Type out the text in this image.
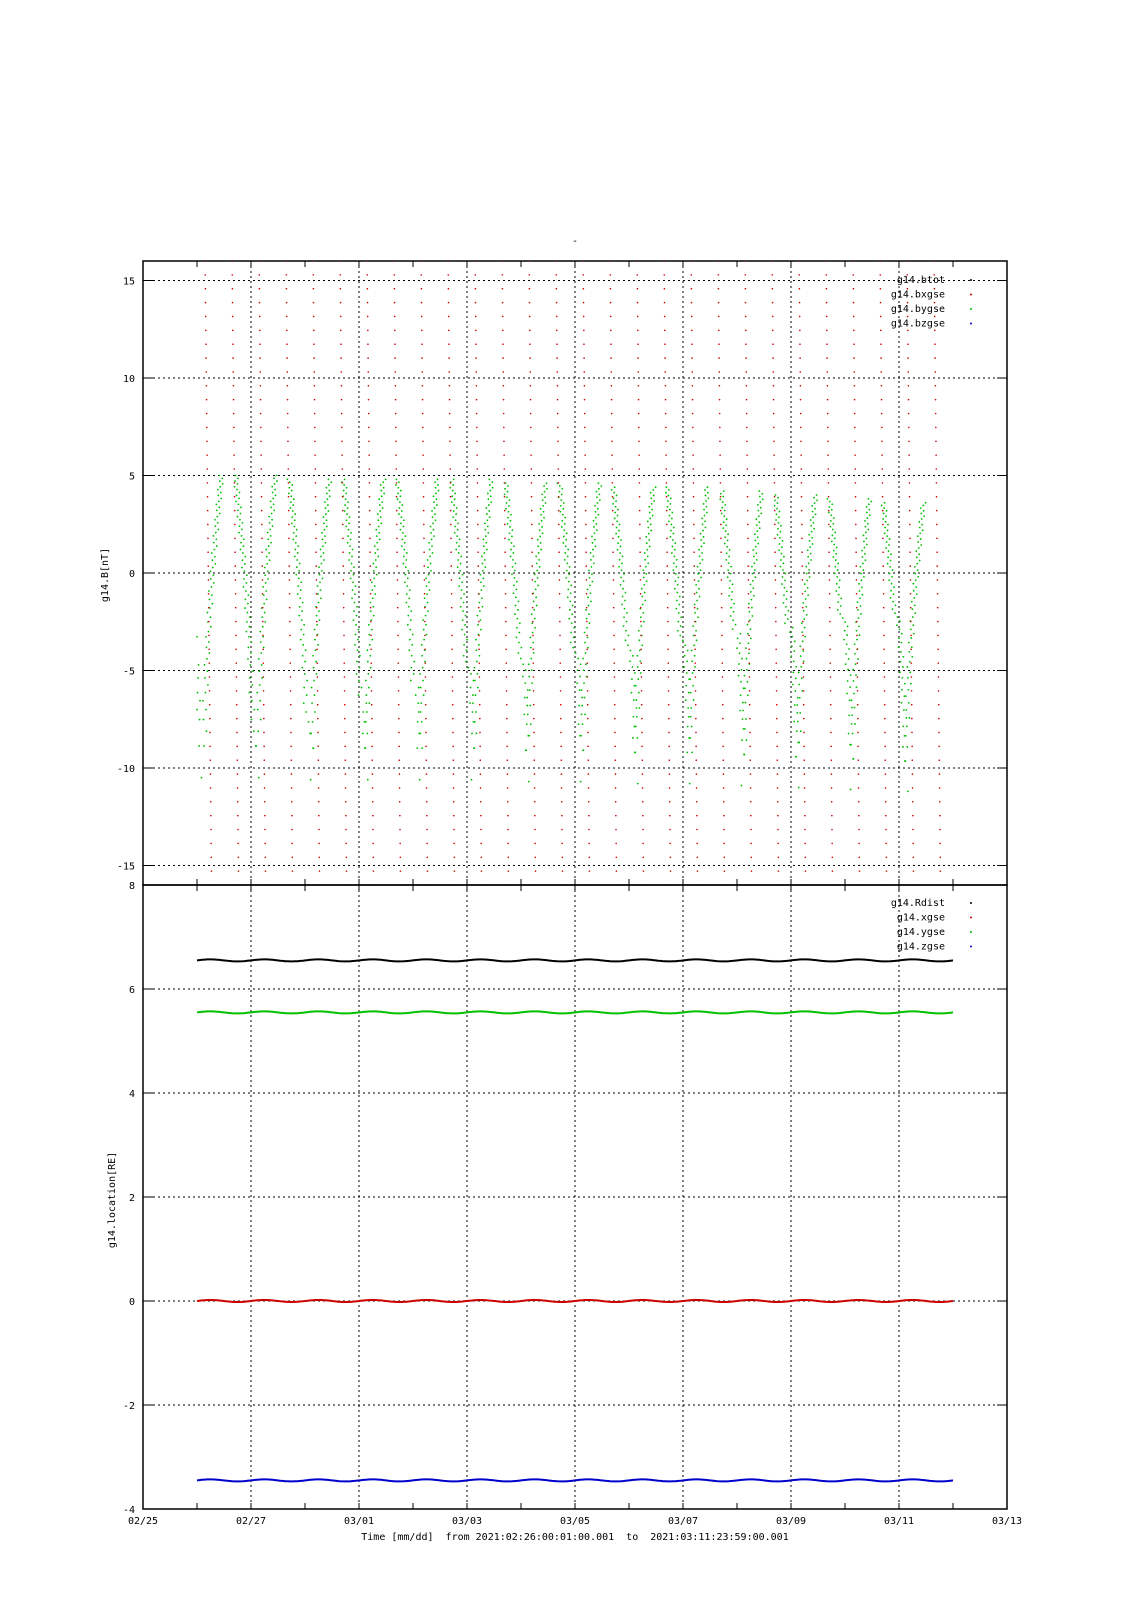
-
-15
-10
-5
0
5
10
15	g14.btot
g14.bxgse
g14.bygse
g14.bzgse
-4
-2
0
2
4
6
8
02/25	02/27	03/01	03/03	03/05	03/07	03/09	03/11	03/13
g14.Rdist
g14.xgse
g14.ygse
g14.zgse
g14.B[nT]
g14.location[RE]
Time [mm/dd]  from 2021:02:26:00:01:00.001  to  2021:03:11:23:59:00.001
